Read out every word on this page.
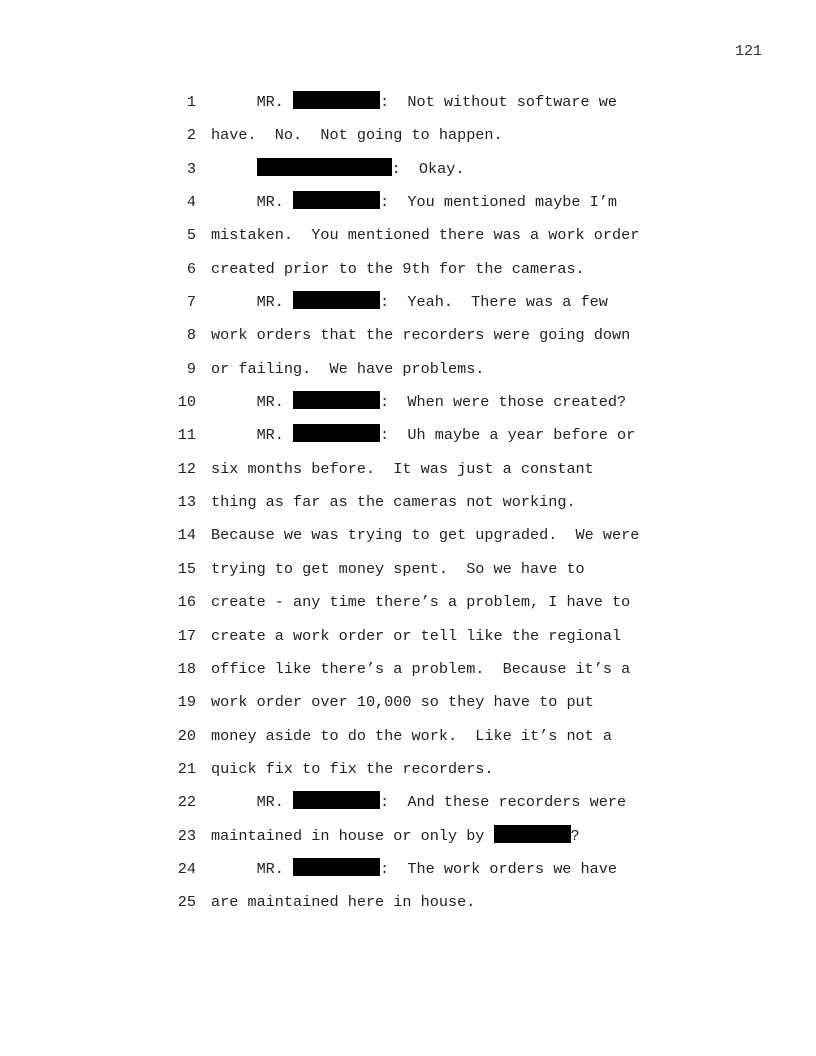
121
1 MR.	:  Not without software we
2 have.  No.  Not going to happen.
3	:  Okay.
4 MR.	:  You mentioned maybe I’m
5 mistaken.  You mentioned there was a work order
6 created prior to the 9th for the cameras.
7 MR.	:  Yeah.  There was a few
8 work orders that the recorders were going down
9 or failing.  We have problems.
10 MR.	:  When were those created?
11 MR.	:  Uh maybe a year before or
12 six months before.  It was just a constant
13 thing as far as the cameras not working.
14 Because we was trying to get upgraded.  We were
15 trying to get money spent.  So we have to
16 create - any time there’s a problem, I have to
17 create a work order or tell like the regional
18 office like there’s a problem.  Because it’s a
19 work order over 10,000 so they have to put
20 money aside to do the work.  Like it’s not a
21 quick fix to fix the recorders.
22 MR.	:  And these recorders were
23 maintained in house or only by	?
24 MR.	:  The work orders we have
25 are maintained here in house.
